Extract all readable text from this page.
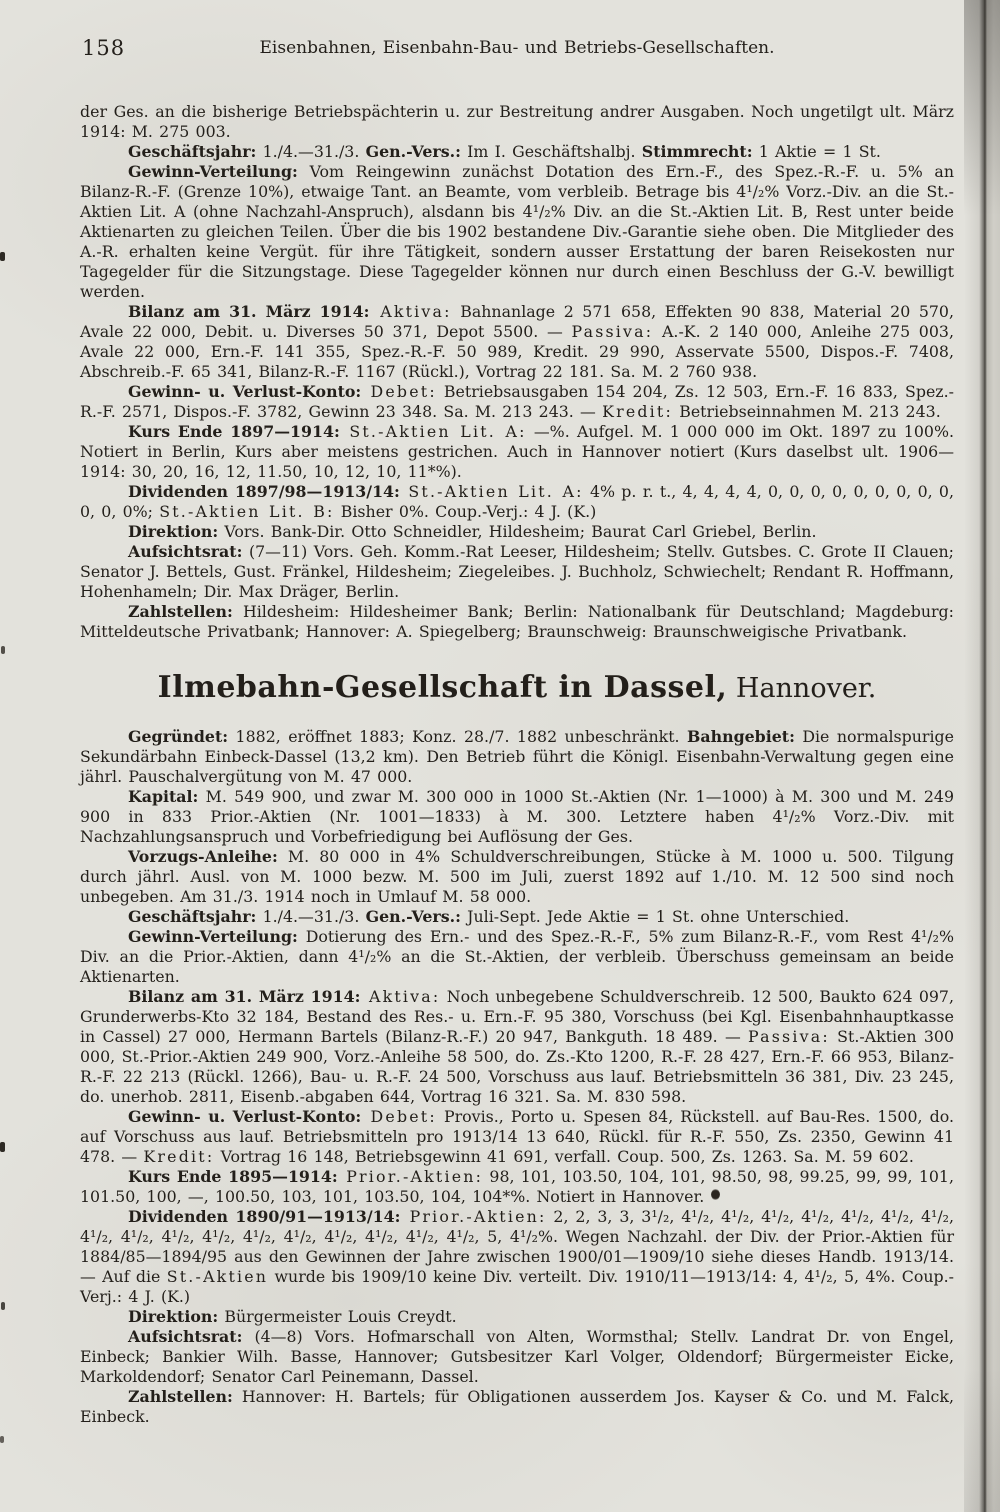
158	Eisenbahnen, Eisenbahn-Bau- und Betriebs-Gesellschaften.

der Ges. an die bisherige Betriebspächterin u. zur Bestreitung andrer Ausgaben. Noch ungetilgt ult. März 1914: M. 275 003.

Geschäftsjahr: 1./4.—31./3. Gen.-Vers.: Im I. Geschäftshalbj. Stimmrecht: 1 Aktie = 1 St.

Gewinn-Verteilung: Vom Reingewinn zunächst Dotation des Ern.-F., des Spez.-R.-F. u. 5% an Bilanz-R.-F. (Grenze 10%), etwaige Tant. an Beamte, vom verbleib. Betrage bis 4¹/₂% Vorz.-Div. an die St.-Aktien Lit. A (ohne Nachzahl-Anspruch), alsdann bis 4¹/₂% Div. an die St.-Aktien Lit. B, Rest unter beide Aktienarten zu gleichen Teilen. Über die bis 1902 bestandene Div.-Garantie siehe oben. Die Mitglieder des A.-R. erhalten keine Vergüt. für ihre Tätigkeit, sondern ausser Erstattung der baren Reisekosten nur Tagegelder für die Sitzungstage. Diese Tagegelder können nur durch einen Beschluss der G.-V. bewilligt werden.

Bilanz am 31. März 1914: Aktiva: Bahnanlage 2 571 658, Effekten 90 838, Material 20 570, Avale 22 000, Debit. u. Diverses 50 371, Depot 5500. — Passiva: A.-K. 2 140 000, Anleihe 275 003, Avale 22 000, Ern.-F. 141 355, Spez.-R.-F. 50 989, Kredit. 29 990, Asservate 5500, Dispos.-F. 7408, Abschreib.-F. 65 341, Bilanz-R.-F. 1167 (Rückl.), Vortrag 22 181. Sa. M. 2 760 938.

Gewinn- u. Verlust-Konto: Debet: Betriebsausgaben 154 204, Zs. 12 503, Ern.-F. 16 833, Spez.-R.-F. 2571, Dispos.-F. 3782, Gewinn 23 348. Sa. M. 213 243. — Kredit: Betriebseinnahmen M. 213 243.

Kurs Ende 1897—1914: St.-Aktien Lit. A: —%. Aufgel. M. 1 000 000 im Okt. 1897 zu 100%. Notiert in Berlin, Kurs aber meistens gestrichen. Auch in Hannover notiert (Kurs daselbst ult. 1906—1914: 30, 20, 16, 12, 11.50, 10, 12, 10, 11*%).

Dividenden 1897/98—1913/14: St.-Aktien Lit. A: 4% p. r. t., 4, 4, 4, 4, 0, 0, 0, 0, 0, 0, 0, 0, 0, 0, 0, 0%; St.-Aktien Lit. B: Bisher 0%. Coup.-Verj.: 4 J. (K.)

Direktion: Vors. Bank-Dir. Otto Schneidler, Hildesheim; Baurat Carl Griebel, Berlin.

Aufsichtsrat: (7—11) Vors. Geh. Komm.-Rat Leeser, Hildesheim; Stellv. Gutsbes. C. Grote II Clauen; Senator J. Bettels, Gust. Fränkel, Hildesheim; Ziegeleibes. J. Buchholz, Schwiechelt; Rendant R. Hoffmann, Hohenhameln; Dir. Max Dräger, Berlin.

Zahlstellen: Hildesheim: Hildesheimer Bank; Berlin: Nationalbank für Deutschland; Magdeburg: Mitteldeutsche Privatbank; Hannover: A. Spiegelberg; Braunschweig: Braunschweigische Privatbank.

Ilmebahn-Gesellschaft in Dassel, Hannover.

Gegründet: 1882, eröffnet 1883; Konz. 28./7. 1882 unbeschränkt. Bahngebiet: Die normalspurige Sekundärbahn Einbeck-Dassel (13,2 km). Den Betrieb führt die Königl. Eisenbahn-Verwaltung gegen eine jährl. Pauschalvergütung von M. 47 000.

Kapital: M. 549 900, und zwar M. 300 000 in 1000 St.-Aktien (Nr. 1—1000) à M. 300 und M. 249 900 in 833 Prior.-Aktien (Nr. 1001—1833) à M. 300. Letztere haben 4¹/₂% Vorz.-Div. mit Nachzahlungsanspruch und Vorbefriedigung bei Auflösung der Ges.

Vorzugs-Anleihe: M. 80 000 in 4% Schuldverschreibungen, Stücke à M. 1000 u. 500. Tilgung durch jährl. Ausl. von M. 1000 bezw. M. 500 im Juli, zuerst 1892 auf 1./10. M. 12 500 sind noch unbegeben. Am 31./3. 1914 noch in Umlauf M. 58 000.

Geschäftsjahr: 1./4.—31./3. Gen.-Vers.: Juli-Sept. Jede Aktie = 1 St. ohne Unterschied.

Gewinn-Verteilung: Dotierung des Ern.- und des Spez.-R.-F., 5% zum Bilanz-R.-F., vom Rest 4¹/₂% Div. an die Prior.-Aktien, dann 4¹/₂% an die St.-Aktien, der verbleib. Überschuss gemeinsam an beide Aktienarten.

Bilanz am 31. März 1914: Aktiva: Noch unbegebene Schuldverschreib. 12 500, Baukto 624 097, Grunderwerbs-Kto 32 184, Bestand des Res.- u. Ern.-F. 95 380, Vorschuss (bei Kgl. Eisenbahnhauptkasse in Cassel) 27 000, Hermann Bartels (Bilanz-R.-F.) 20 947, Bankguth. 18 489. — Passiva: St.-Aktien 300 000, St.-Prior.-Aktien 249 900, Vorz.-Anleihe 58 500, do. Zs.-Kto 1200, R.-F. 28 427, Ern.-F. 66 953, Bilanz-R.-F. 22 213 (Rückl. 1266), Bau- u. R.-F. 24 500, Vorschuss aus lauf. Betriebsmitteln 36 381, Div. 23 245, do. unerhob. 2811, Eisenb.-abgaben 644, Vortrag 16 321. Sa. M. 830 598.

Gewinn- u. Verlust-Konto: Debet: Provis., Porto u. Spesen 84, Rückstell. auf Bau-Res. 1500, do. auf Vorschuss aus lauf. Betriebsmitteln pro 1913/14 13 640, Rückl. für R.-F. 550, Zs. 2350, Gewinn 41 478. — Kredit: Vortrag 16 148, Betriebsgewinn 41 691, verfall. Coup. 500, Zs. 1263. Sa. M. 59 602.

Kurs Ende 1895—1914: Prior.-Aktien: 98, 101, 103.50, 104, 101, 98.50, 98, 99.25, 99, 99, 101, 101.50, 100, —, 100.50, 103, 101, 103.50, 104, 104*%. Notiert in Hannover.

Dividenden 1890/91—1913/14: Prior.-Aktien: 2, 2, 3, 3, 3¹/₂, 4¹/₂, 4¹/₂, 4¹/₂, 4¹/₂, 4¹/₂, 4¹/₂, 4¹/₂, 4¹/₂, 4¹/₂, 4¹/₂, 4¹/₂, 4¹/₂, 4¹/₂, 4¹/₂, 4¹/₂, 4¹/₂, 4¹/₂, 5, 4¹/₂%. Wegen Nachzahl. der Div. der Prior.-Aktien für 1884/85—1894/95 aus den Gewinnen der Jahre zwischen 1900/01—1909/10 siehe dieses Handb. 1913/14. — Auf die St.-Aktien wurde bis 1909/10 keine Div. verteilt. Div. 1910/11—1913/14: 4, 4¹/₂, 5, 4%. Coup.-Verj.: 4 J. (K.)

Direktion: Bürgermeister Louis Creydt.

Aufsichtsrat: (4—8) Vors. Hofmarschall von Alten, Wormsthal; Stellv. Landrat Dr. von Engel, Einbeck; Bankier Wilh. Basse, Hannover; Gutsbesitzer Karl Volger, Oldendorf; Bürgermeister Eicke, Markoldendorf; Senator Carl Peinemann, Dassel.

Zahlstellen: Hannover: H. Bartels; für Obligationen ausserdem Jos. Kayser & Co. und M. Falck, Einbeck.
